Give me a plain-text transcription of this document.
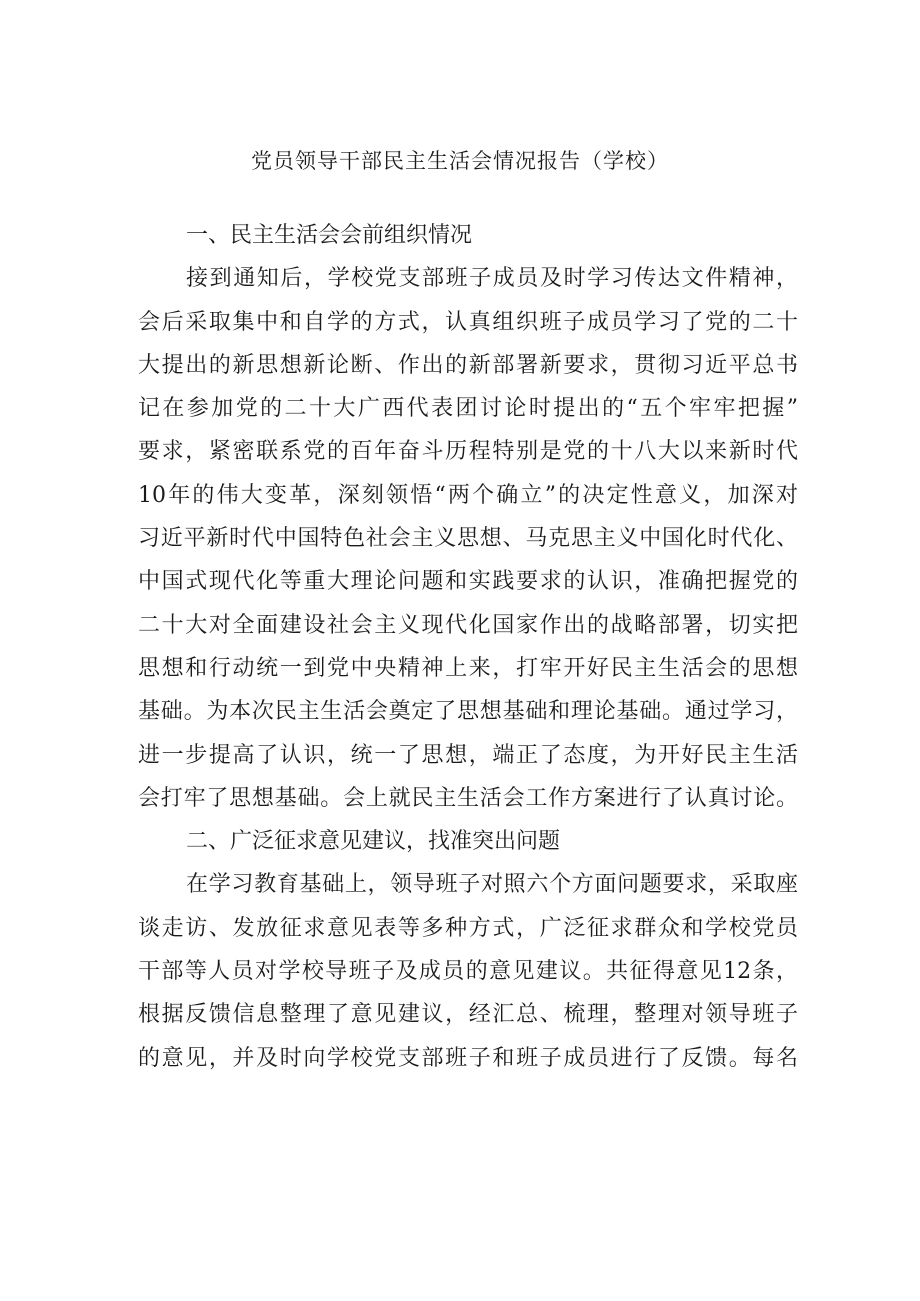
党员领导干部民主生活会情况报告（学校）
一、民主生活会会前组织情况
接到通知后，学校党支部班子成员及时学习传达文件精神，
会后采取集中和自学的方式，认真组织班子成员学习了党的二十
大提出的新思想新论断、作出的新部署新要求，贯彻习近平总书
记在参加党的二十大广西代表团讨论时提出的“五个牢牢把握”
要求，紧密联系党的百年奋斗历程特别是党的十八大以来新时代
10年的伟大变革，深刻领悟“两个确立”的决定性意义，加深对
习近平新时代中国特色社会主义思想、马克思主义中国化时代化、
中国式现代化等重大理论问题和实践要求的认识，准确把握党的
二十大对全面建设社会主义现代化国家作出的战略部署，切实把
思想和行动统一到党中央精神上来，打牢开好民主生活会的思想
基础。为本次民主生活会奠定了思想基础和理论基础。通过学习，
进一步提高了认识，统一了思想，端正了态度，为开好民主生活
会打牢了思想基础。会上就民主生活会工作方案进行了认真讨论。
二、广泛征求意见建议，找准突出问题
在学习教育基础上，领导班子对照六个方面问题要求，采取座
谈走访、发放征求意见表等多种方式，广泛征求群众和学校党员
干部等人员对学校导班子及成员的意见建议。共征得意见12条，
根据反馈信息整理了意见建议，经汇总、梳理，整理对领导班子
的意见，并及时向学校党支部班子和班子成员进行了反馈。每名
